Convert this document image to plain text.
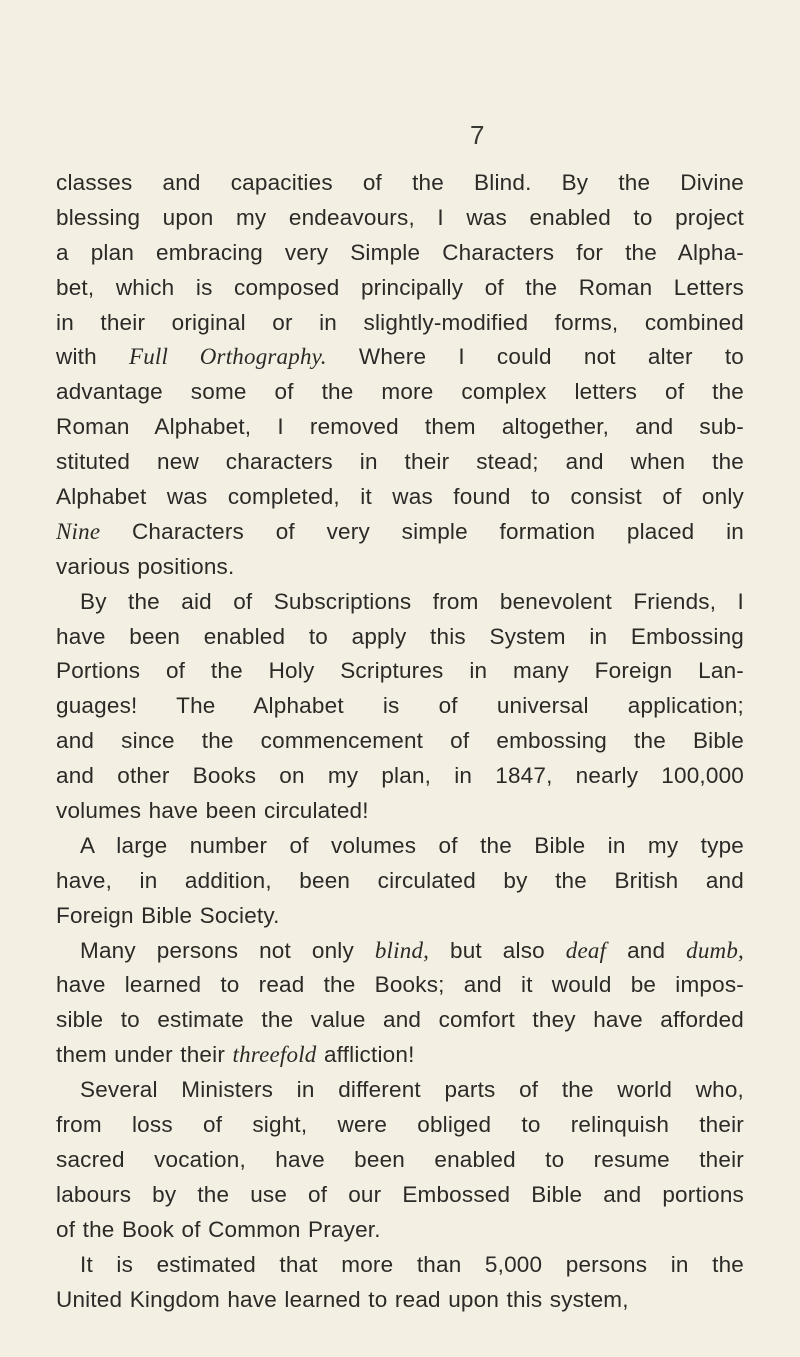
7
classes and capacities of the Blind. By the Divine
blessing upon my endeavours, I was enabled to project
a plan embracing very Simple Characters for the Alpha-
bet, which is composed principally of the Roman Letters
in their original or in slightly-modified forms, combined
with Full Orthography. Where I could not alter to
advantage some of the more complex letters of the
Roman Alphabet, I removed them altogether, and sub-
stituted new characters in their stead; and when the
Alphabet was completed, it was found to consist of only
Nine Characters of very simple formation placed in
various positions.
By the aid of Subscriptions from benevolent Friends, I
have been enabled to apply this System in Embossing
Portions of the Holy Scriptures in many Foreign Lan-
guages! The Alphabet is of universal application;
and since the commencement of embossing the Bible
and other Books on my plan, in 1847, nearly 100,000
volumes have been circulated!
A large number of volumes of the Bible in my type
have, in addition, been circulated by the British and
Foreign Bible Society.
Many persons not only blind, but also deaf and dumb,
have learned to read the Books; and it would be impos-
sible to estimate the value and comfort they have afforded
them under their threefold affliction!
Several Ministers in different parts of the world who,
from loss of sight, were obliged to relinquish their
sacred vocation, have been enabled to resume their
labours by the use of our Embossed Bible and portions
of the Book of Common Prayer.
It is estimated that more than 5,000 persons in the
United Kingdom have learned to read upon this system,
